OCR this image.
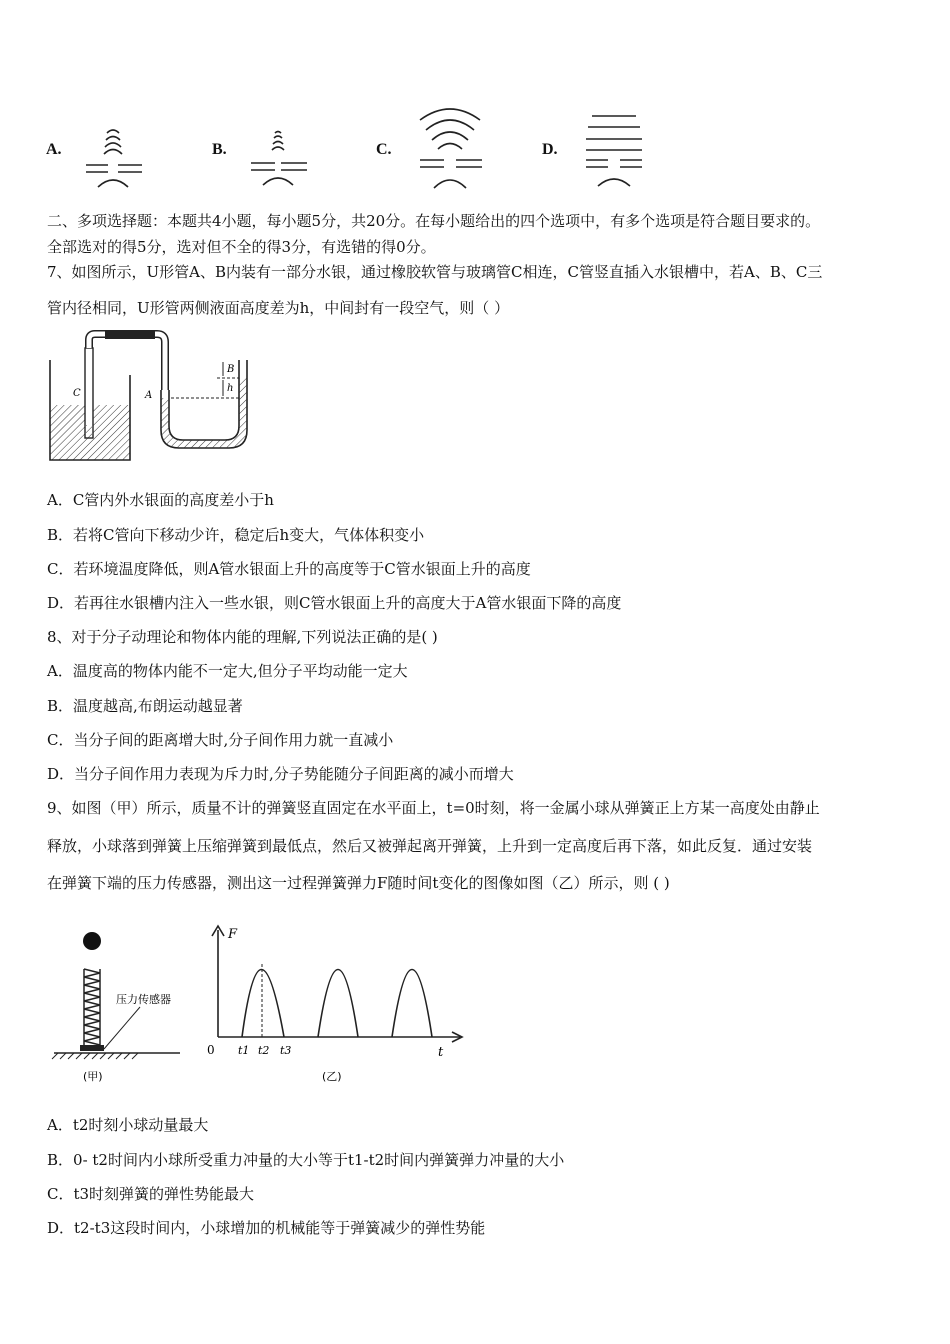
A.	B.	C.	D.
二、多项选择题：本题共4小题，每小题5分，共20分。在每小题给出的四个选项中，有多个选项是符合题目要求的。
全部选对的得5分，选对但不全的得3分，有选错的得0分。
7、如图所示，U形管A、B内装有一部分水银，通过橡胶软管与玻璃管C相连，C管竖直插入水银槽中，若A、B、C三
管内径相同，U形管两侧液面高度差为h，中间封有一段空气，则（ ）
C	A
B
h
A．C管内外水银面的高度差小于h
B．若将C管向下移动少许，稳定后h变大，气体体积变小
C．若环境温度降低，则A管水银面上升的高度等于C管水银面上升的高度
D．若再往水银槽内注入一些水银，则C管水银面上升的高度大于A管水银面下降的高度
8、对于分子动理论和物体内能的理解,下列说法正确的是( )
A．温度高的物体内能不一定大,但分子平均动能一定大
B．温度越高,布朗运动越显著
C．当分子间的距离增大时,分子间作用力就一直减小
D．当分子间作用力表现为斥力时,分子势能随分子间距离的减小而增大
9、如图（甲）所示，质量不计的弹簧竖直固定在水平面上，t=0时刻，将一金属小球从弹簧正上方某一高度处由静止
释放，小球落到弹簧上压缩弹簧到最低点，然后又被弹起离开弹簧，上升到一定高度后再下落，如此反复．通过安装
在弹簧下端的压力传感器，测出这一过程弹簧弹力F随时间t变化的图像如图（乙）所示，则 ( )
压力传感器
(甲)
F
t
0 t1 t2 t3
(乙)
A．t2时刻小球动量最大
B．0- t2时间内小球所受重力冲量的大小等于t1-t2时间内弹簧弹力冲量的大小
C．t3时刻弹簧的弹性势能最大
D．t2-t3这段时间内，小球增加的机械能等于弹簧减少的弹性势能
